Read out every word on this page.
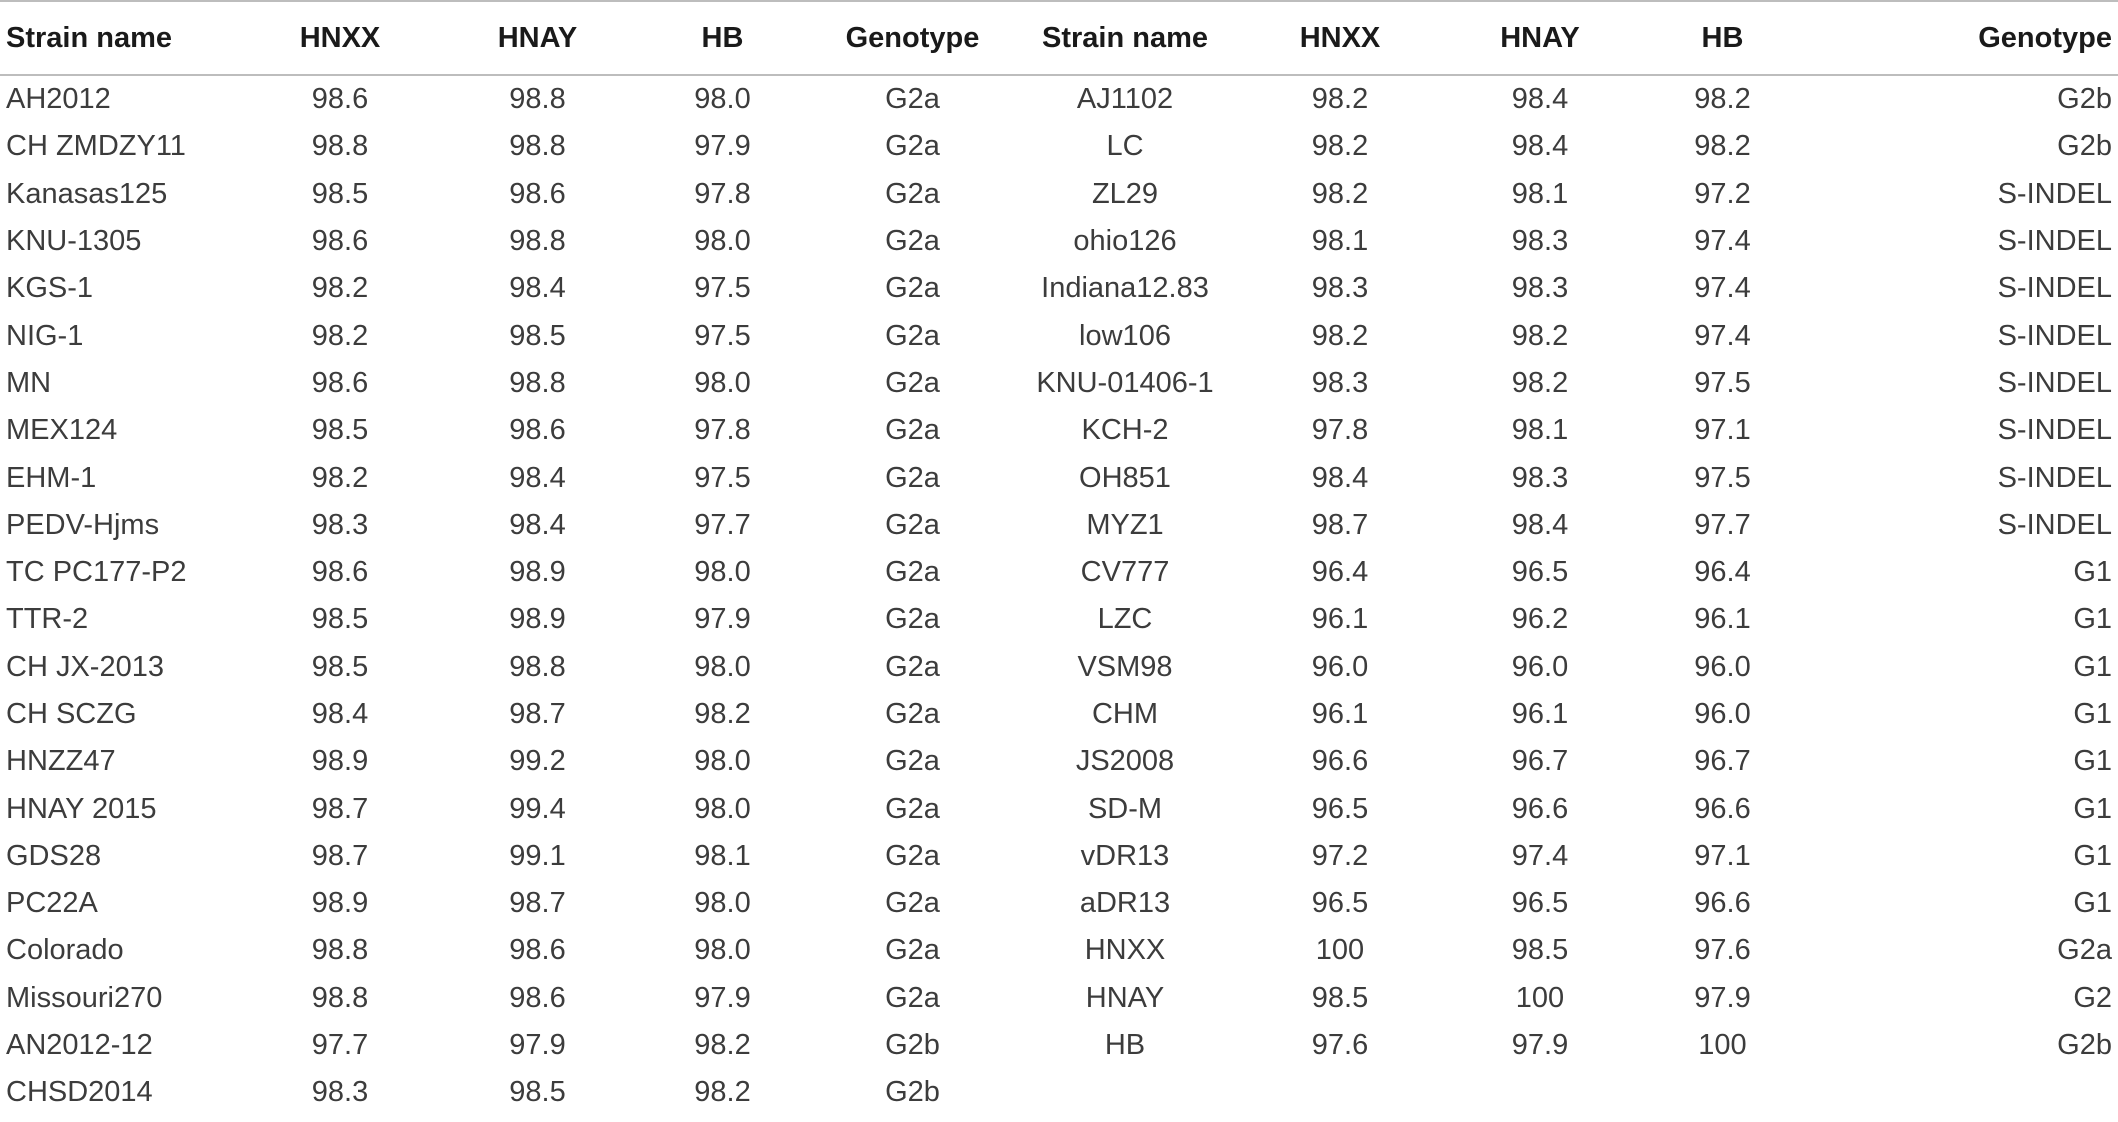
Strain name	HNXX	HNAY	HB	Genotype	Strain name	HNXX	HNAY	HB	Genotype
AH2012	98.6	98.8	98.0	G2a	AJ1102	98.2	98.4	98.2	G2b
CH ZMDZY11	98.8	98.8	97.9	G2a	LC	98.2	98.4	98.2	G2b
Kanasas125	98.5	98.6	97.8	G2a	ZL29	98.2	98.1	97.2	S-INDEL
KNU-1305	98.6	98.8	98.0	G2a	ohio126	98.1	98.3	97.4	S-INDEL
KGS-1	98.2	98.4	97.5	G2a	Indiana12.83	98.3	98.3	97.4	S-INDEL
NIG-1	98.2	98.5	97.5	G2a	low106	98.2	98.2	97.4	S-INDEL
MN	98.6	98.8	98.0	G2a	KNU-01406-1	98.3	98.2	97.5	S-INDEL
MEX124	98.5	98.6	97.8	G2a	KCH-2	97.8	98.1	97.1	S-INDEL
EHM-1	98.2	98.4	97.5	G2a	OH851	98.4	98.3	97.5	S-INDEL
PEDV-Hjms	98.3	98.4	97.7	G2a	MYZ1	98.7	98.4	97.7	S-INDEL
TC PC177-P2	98.6	98.9	98.0	G2a	CV777	96.4	96.5	96.4	G1
TTR-2	98.5	98.9	97.9	G2a	LZC	96.1	96.2	96.1	G1
CH JX-2013	98.5	98.8	98.0	G2a	VSM98	96.0	96.0	96.0	G1
CH SCZG	98.4	98.7	98.2	G2a	CHM	96.1	96.1	96.0	G1
HNZZ47	98.9	99.2	98.0	G2a	JS2008	96.6	96.7	96.7	G1
HNAY 2015	98.7	99.4	98.0	G2a	SD-M	96.5	96.6	96.6	G1
GDS28	98.7	99.1	98.1	G2a	vDR13	97.2	97.4	97.1	G1
PC22A	98.9	98.7	98.0	G2a	aDR13	96.5	96.5	96.6	G1
Colorado	98.8	98.6	98.0	G2a	HNXX	100	98.5	97.6	G2a
Missouri270	98.8	98.6	97.9	G2a	HNAY	98.5	100	97.9	G2
AN2012-12	97.7	97.9	98.2	G2b	HB	97.6	97.9	100	G2b
CHSD2014	98.3	98.5	98.2	G2b					
